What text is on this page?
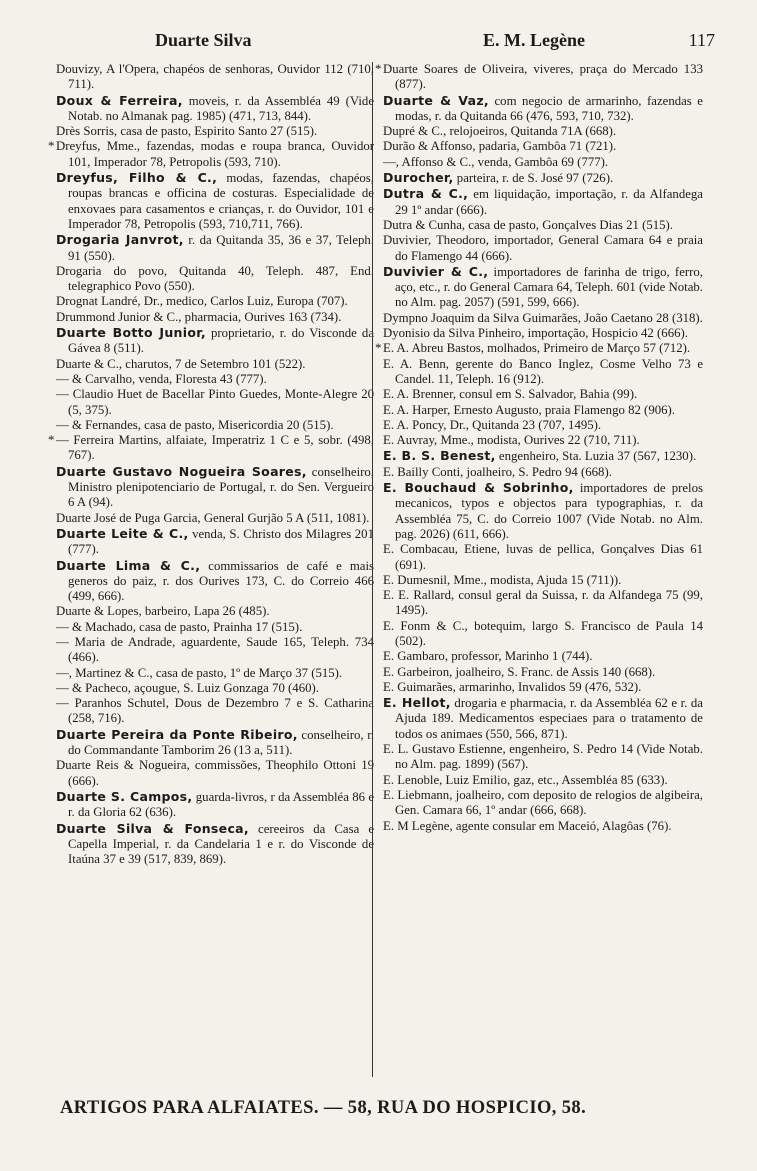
Duarte Silva	E. M. Legène	117

Douvizy, A l'Opera, chapéos de senhoras, Ouvidor 112 (710, 711).

Doux & Ferreira, moveis, r. da Assembléa 49 (Vide Notab. no Almanak pag. 1985) (471, 713, 844).

Drès Sorris, casa de pasto, Espirito Santo 27 (515).

* Dreyfus, Mme., fazendas, modas e roupa branca, Ouvidor 101, Imperador 78, Petropolis (593, 710).

Dreyfus, Filho & C., modas, fazendas, chapéos, roupas brancas e officina de costuras. Especialidade de enxovaes para casamentos e crianças, r. do Ouvidor, 101 e Imperador 78, Petropolis (593, 710,711, 766).

Drogaria Janvrot, r. da Quitanda 35, 36 e 37, Teleph. 91 (550).

Drogaria do povo, Quitanda 40, Teleph. 487, End. telegraphico Povo (550).

Drognat Landré, Dr., medico, Carlos Luiz, Europa (707).

Drummond Junior & C., pharmacia, Ourives 163 (734).

Duarte Botto Junior, proprietario, r. do Visconde da Gávea 8 (511).

Duarte & C., charutos, 7 de Setembro 101 (522).

— & Carvalho, venda, Floresta 43 (777).

— Claudio Huet de Bacellar Pinto Guedes, Monte-Alegre 20 (5, 375).

— & Fernandes, casa de pasto, Misericordia 20 (515).

* — Ferreira Martins, alfaiate, Imperatriz 1 C e 5, sobr. (498, 767).

Duarte Gustavo Nogueira Soares, conselheiro, Ministro plenipotenciario de Portugal, r. do Sen. Vergueiro 6 A (94).

Duarte José de Puga Garcia, General Gurjão 5 A (511, 1081).

Duarte Leite & C., venda, S. Christo dos Milagres 201 (777).

Duarte Lima & C., commissarios de café e mais generos do paiz, r. dos Ourives 173, C. do Correio 466 (499, 666).

Duarte & Lopes, barbeiro, Lapa 26 (485).

— & Machado, casa de pasto, Prainha 17 (515).

— Maria de Andrade, aguardente, Saude 165, Teleph. 734 (466).

—, Martinez & C., casa de pasto, 1º de Março 37 (515).

— & Pacheco, açougue, S. Luiz Gonzaga 70 (460).

— Paranhos Schutel, Dous de Dezembro 7 e S. Catharina (258, 716).

Duarte Pereira da Ponte Ribeiro, conselheiro, r. do Commandante Tamborim 26 (13 a, 511).

Duarte Reis & Nogueira, commissões, Theophilo Ottoni 19 (666).

Duarte S. Campos, guarda-livros, r da Assembléa 86 e r. da Gloria 62 (636).

Duarte Silva & Fonseca, cereeiros da Casa e Capella Imperial, r. da Candelaria 1 e r. do Visconde de Itaúna 37 e 39 (517, 839, 869).

* Duarte Soares de Oliveira, viveres, praça do Mercado 133 (877).

Duarte & Vaz, com negocio de armarinho, fazendas e modas, r. da Quitanda 66 (476, 593, 710, 732).

Dupré & C., relojoeiros, Quitanda 71A (668).

Durão & Affonso, padaria, Gambôa 71 (721).

—, Affonso & C., venda, Gambôa 69 (777).

Durocher, parteira, r. de S. José 97 (726).

Dutra & C., em liquidação, importação, r. da Alfandega 29 1º andar (666).

Dutra & Cunha, casa de pasto, Gonçalves Dias 21 (515).

Duvivier, Theodoro, importador, General Camara 64 e praia do Flamengo 44 (666).

Duvivier & C., importadores de farinha de trigo, ferro, aço, etc., r. do General Camara 64, Teleph. 601 (vide Notab. no Alm. pag. 2057) (591, 599, 666).

Dympno Joaquim da Silva Guimarães, João Caetano 28 (318).

Dyonisio da Silva Pinheiro, importação, Hospicio 42 (666).

* E. A. Abreu Bastos, molhados, Primeiro de Março 57 (712).

E. A. Benn, gerente do Banco Inglez, Cosme Velho 73 e Candel. 11, Teleph. 16 (912).

E. A. Brenner, consul em S. Salvador, Bahia (99).

E. A. Harper, Ernesto Augusto, praia Flamengo 82 (906).

E. A. Poncy, Dr., Quitanda 23 (707, 1495).

E. Auvray, Mme., modista, Ourives 22 (710, 711).

E. B. S. Benest, engenheiro, Sta. Luzia 37 (567, 1230).

E. Bailly Conti, joalheiro, S. Pedro 94 (668).

E. Bouchaud & Sobrinho, importadores de prelos mecanicos, typos e objectos para typographias, r. da Assembléa 75, C. do Correio 1007 (Vide Notab. no Alm. pag. 2026) (611, 666).

E. Combacau, Etiene, luvas de pellica, Gonçalves Dias 61 (691).

E. Dumesnil, Mme., modista, Ajuda 15 (711)).

E. E. Rallard, consul geral da Suissa, r. da Alfandega 75 (99, 1495).

E. Fonm & C., botequim, largo S. Francisco de Paula 14 (502).

E. Gambaro, professor, Marinho 1 (744).

E. Garbeiron, joalheiro, S. Franc. de Assis 140 (668).

E. Guimarães, armarinho, Invalidos 59 (476, 532).

E. Hellot, drogaria e pharmacia, r. da Assembléa 62 e r. da Ajuda 189. Medicamentos especiaes para o tratamento de todos os animaes (550, 566, 871).

E. L. Gustavo Estienne, engenheiro, S. Pedro 14 (Vide Notab. no Alm. pag. 1899) (567).

E. Lenoble, Luiz Emilio, gaz, etc., Assembléa 85 (633).

E. Liebmann, joalheiro, com deposito de relogios de algibeira, Gen. Camara 66, 1º andar (666, 668).

E. M Legène, agente consular em Maceió, Alagôas (76).

ARTIGOS PARA ALFAIATES. — 58, RUA DO HOSPICIO, 58.
